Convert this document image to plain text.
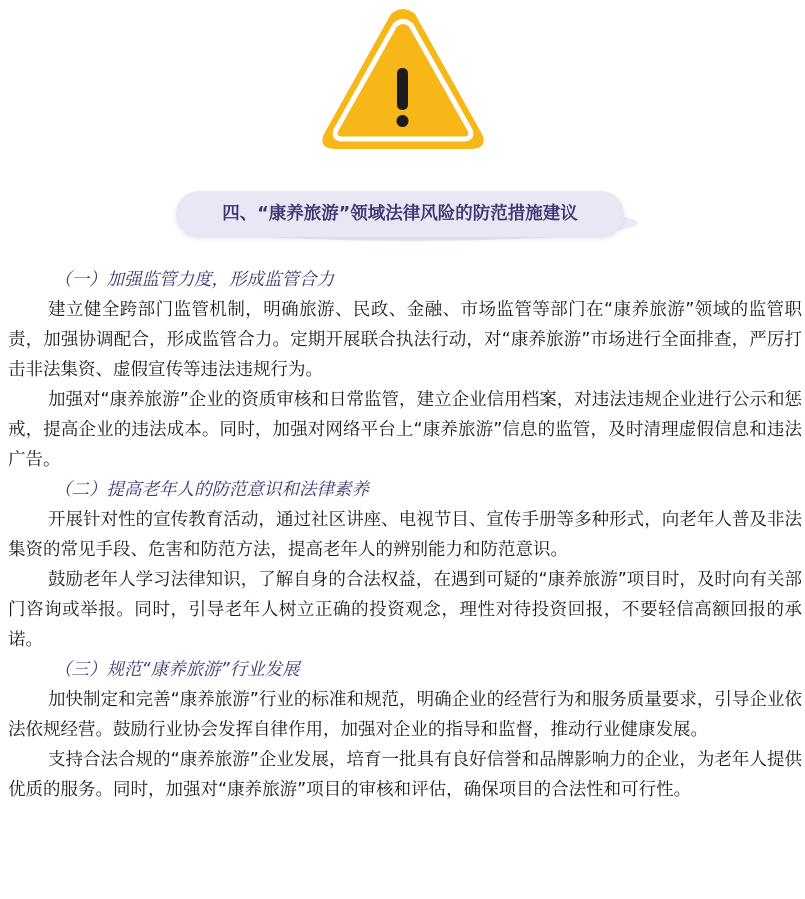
四、“康养旅游”领域法律风险的防范措施建议

（一）加强监管力度，形成监管合力

建立健全跨部门监管机制，明确旅游、民政、金融、市场监管等部门在“康养旅游”领域的监管职责，加强协调配合，形成监管合力。定期开展联合执法行动，对“康养旅游”市场进行全面排查，严厉打击非法集资、虚假宣传等违法违规行为。

加强对“康养旅游”企业的资质审核和日常监管，建立企业信用档案，对违法违规企业进行公示和惩戒，提高企业的违法成本。同时，加强对网络平台上“康养旅游”信息的监管，及时清理虚假信息和违法广告。

（二）提高老年人的防范意识和法律素养

开展针对性的宣传教育活动，通过社区讲座、电视节目、宣传手册等多种形式，向老年人普及非法集资的常见手段、危害和防范方法，提高老年人的辨别能力和防范意识。

鼓励老年人学习法律知识，了解自身的合法权益，在遇到可疑的“康养旅游”项目时，及时向有关部门咨询或举报。同时，引导老年人树立正确的投资观念，理性对待投资回报，不要轻信高额回报的承诺。

（三）规范“康养旅游”行业发展

加快制定和完善“康养旅游”行业的标准和规范，明确企业的经营行为和服务质量要求，引导企业依法依规经营。鼓励行业协会发挥自律作用，加强对企业的指导和监督，推动行业健康发展。

支持合法合规的“康养旅游”企业发展，培育一批具有良好信誉和品牌影响力的企业，为老年人提供优质的服务。同时，加强对“康养旅游”项目的审核和评估，确保项目的合法性和可行性。
